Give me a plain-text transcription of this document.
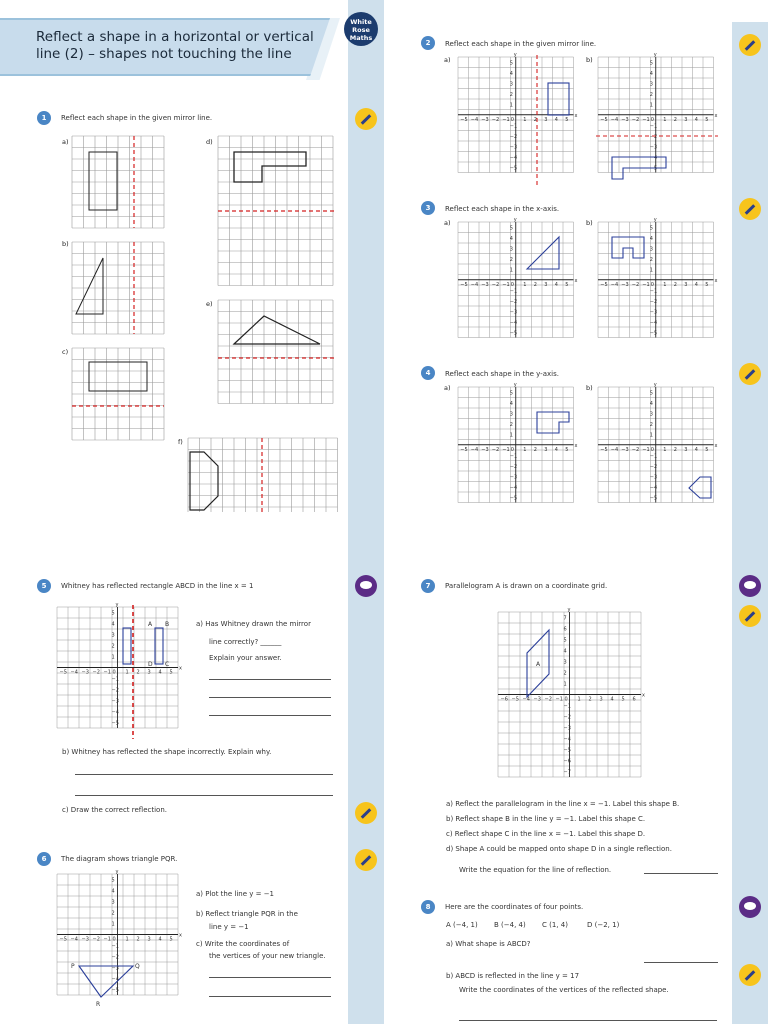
Reflect a shape in a horizontal or vertical line (2) – shapes not touching the line
White
Rose
Maths
1	Reflect each shape in the given mirror line.
a)
b)
c)
d)
e)
f)
2	Reflect each shape in the given mirror line.
a)	b)
3	Reflect each shape in the x-axis.
a)	b)
4	Reflect each shape in the y-axis.
a)	b)
x
y
−5 −4 −3 −2 −1	1 2 3 4 5
−5
−4
−3
−2
−1
1
2
3
4
5
0
x
y
−5 −4 −3 −2 −1	1 2 3 4 5
−5
−4
−3
−2
−1
1
2
3
4
5
0
x
y
−5 −4 −3 −2 −1	1 2 3 4 5
−5
−4
−3
−2
−1
1
2
3
4
5
0
x
y
−5 −4 −3 −2 −1	1 2 3 4 5
−5
−4
−3
−2
−1
1
2
3
4
5
0
x
y
−5 −4 −3 −2 −1	1 2 3 4 5
−5
−4
−3
−2
−1
1
2
3
4
5
0
x
y
−5 −4 −3 −2 −1	1 2 3 4 5
−5
−4
−3
−2
−1
1
2
3
4
5
0
5	Whitney has reflected rectangle ABCD in the line x = 1
x
y
−5 −4 −3 −2 −1	1 2 3 4 5
−5
−4
−3
−2
−1
1
2
3
4
5
0
a) Has Whitney drawn the mirror
line correctly? ______
Explain your answer.
b) Whitney has reflected the shape incorrectly. Explain why.
c) Draw the correct reflection.
6	The diagram shows triangle PQR.
x
y
−5 −4 −3 −2 −1	1 2 3 4 5
−5
−4
−3
−2
−1
1
2
3
4
5
0
a) Plot the line y = −1
b) Reflect triangle PQR in the
line y = −1
c) Write the coordinates of
the vertices of your new triangle.
A B
C
D
P	Q
R
7	Parallelogram A is drawn on a coordinate grid.
x
y
−6 −5 −4 −3 −2 −1	1 2 3 4 5 6
−7
−6
−5
−4
−3
−2
−1
1
2
3
4
5
6
7
0
a) Reflect the parallelogram in the line x = −1. Label this shape B.
b) Reflect shape B in the line y = −1. Label this shape C.
c) Reflect shape C in the line x = −1. Label this shape D.
d) Shape A could be mapped onto shape D in a single reflection.
Write the equation for the line of reflection.
8	Here are the coordinates of four points.
A (−4, 1) B (−4, 4) C (1, 4)	D (−2, 1)
a) What shape is ABCD?
b) ABCD is reflected in the line y = 17
Write the coordinates of the vertices of the reflected shape.
A
